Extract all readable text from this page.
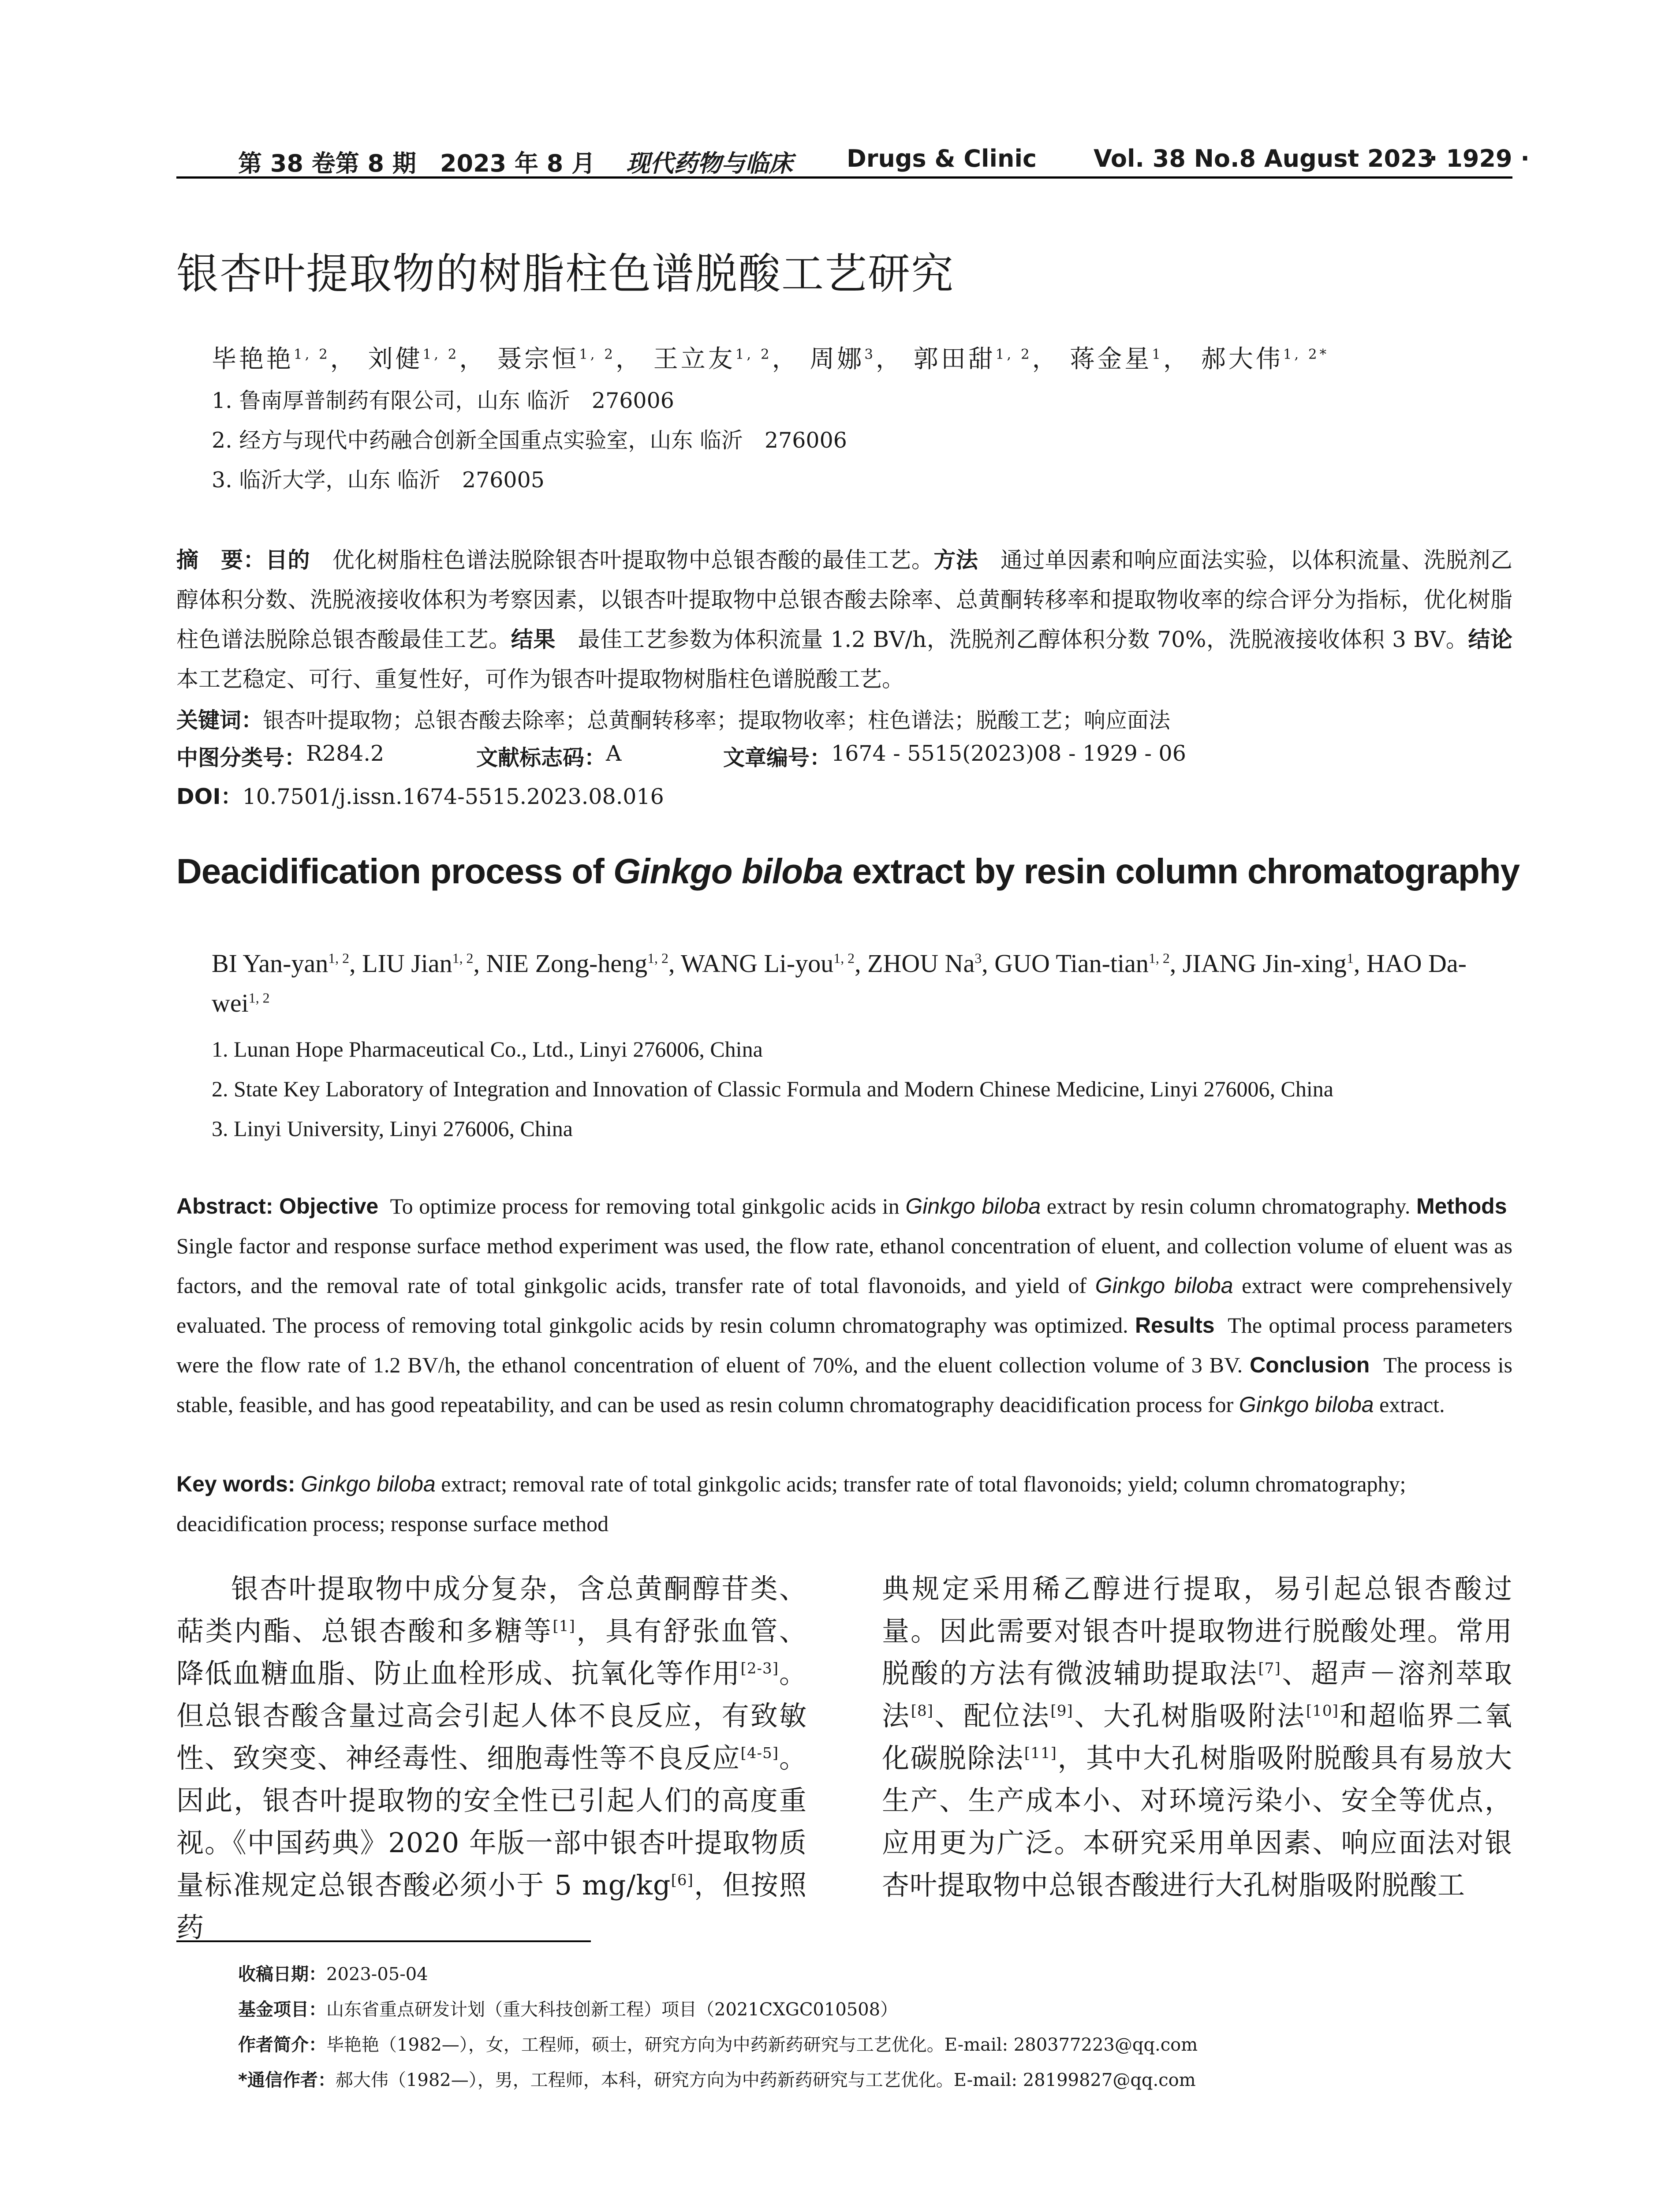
第 38 卷第 8 期　2023 年 8 月 现代药物与临床 Drugs & Clinic Vol. 38 No.8 August 2023
· 1929 ·
银杏叶提取物的树脂柱色谱脱酸工艺研究
毕艳艳$^{1, 2}$， 刘健$^{1, 2}$， 聂宗恒$^{1, 2}$， 王立友$^{1, 2}$， 周娜$^3$， 郭田甜$^{1, 2}$， 蒋金星$^1$， 郝大伟$^{1, 2*}$
1. 鲁南厚普制药有限公司，山东 临沂　276006
2. 经方与现代中药融合创新全国重点实验室，山东 临沂　276006
3. 临沂大学，山东 临沂　276005
摘　要：目的　 优化树脂柱色谱法脱除银杏叶提取物中总银杏酸的最佳工艺。方法　 通过单因素和响应面法实验，以体积流量、洗脱剂乙醇体积分数、洗脱液接收体积为考察因素，以银杏叶提取物中总银杏酸去除率、总黄酮转移率和提取物收率的综合评分为指标，优化树脂柱色谱法脱除总银杏酸最佳工艺。结果　 最佳工艺参数为体积流量 1.2 BV/h，洗脱剂乙醇体积分数 70%，洗脱液接收体积 3 BV。结论　本工艺稳定、可行、重复性好，可作为银杏叶提取物树脂柱色谱脱酸工艺。
关键词：银杏叶提取物；总银杏酸去除率；总黄酮转移率；提取物收率；柱色谱法；脱酸工艺；响应面法
中图分类号： R284.2	文献标志码： A	文章编号： 1674 - 5515(2023)08 - 1929 - 06
DOI：10.7501/j.issn.1674-5515.2023.08.016
Deacidification process of Ginkgo biloba extract by resin column chromatography
BI Yan-yan$^{1, 2}$, LIU Jian$^{1, 2}$, NIE Zong-heng$^{1, 2}$, WANG Li-you$^{1, 2}$, ZHOU Na$^3$, GUO Tian-tian$^{1, 2}$, JIANG Jin-xing$^1$, HAO Da-wei$^{1, 2}$
1. Lunan Hope Pharmaceutical Co., Ltd., Linyi 276006, China
2. State Key Laboratory of Integration and Innovation of Classic Formula and Modern Chinese Medicine, Linyi 276006, China
3. Linyi University, Linyi 276006, China
Abstract: Objective To optimize process for removing total ginkgolic acids in Ginkgo biloba extract by resin column chromatography. Methods  Single factor and response surface method experiment was used, the flow rate, ethanol concentration of eluent, and collection volume of eluent was as factors, and the removal rate of total ginkgolic acids, transfer rate of total flavonoids, and yield of Ginkgo biloba extract were comprehensively evaluated. The process of removing total ginkgolic acids by resin column chromatography was optimized. Results The optimal process parameters were the flow rate of 1.2 BV/h, the ethanol concentration of eluent of 70%, and the eluent collection volume of 3 BV. Conclusion The process is stable, feasible, and has good repeatability, and can be used as resin column chromatography deacidification process for Ginkgo biloba extract.
Key words: Ginkgo biloba extract; removal rate of total ginkgolic acids; transfer rate of total flavonoids; yield; column chromatography; deacidification process; response surface method
银杏叶提取物中成分复杂，含总黄酮醇苷类、萜类内酯、总银杏酸和多糖等[1]，具有舒张血管、降低血糖血脂、防止血栓形成、抗氧化等作用[2-3]。但总银杏酸含量过高会引起人体不良反应，有致敏性、致突变、神经毒性、细胞毒性等不良反应[4-5]。因此，银杏叶提取物的安全性已引起人们的高度重视。《中国药典》2020 年版一部中银杏叶提取物质量标准规定总银杏酸必须小于 5 mg/kg[6]，但按照药
典规定采用稀乙醇进行提取，易引起总银杏酸过量。因此需要对银杏叶提取物进行脱酸处理。常用脱酸的方法有微波辅助提取法[7]、超声－溶剂萃取法[8]、配位法[9]、大孔树脂吸附法[10]和超临界二氧化碳脱除法[11]，其中大孔树脂吸附脱酸具有易放大生产、生产成本小、对环境污染小、安全等优点，应用更为广泛。本研究采用单因素、响应面法对银杏叶提取物中总银杏酸进行大孔树脂吸附脱酸工
收稿日期：2023-05-04
基金项目：山东省重点研发计划（重大科技创新工程）项目（2021CXGC010508）
作者简介：毕艳艳（1982—），女，工程师，硕士，研究方向为中药新药研究与工艺优化。E-mail: 280377223@qq.com
*通信作者：郝大伟（1982—），男，工程师，本科，研究方向为中药新药研究与工艺优化。E-mail: 28199827@qq.com
